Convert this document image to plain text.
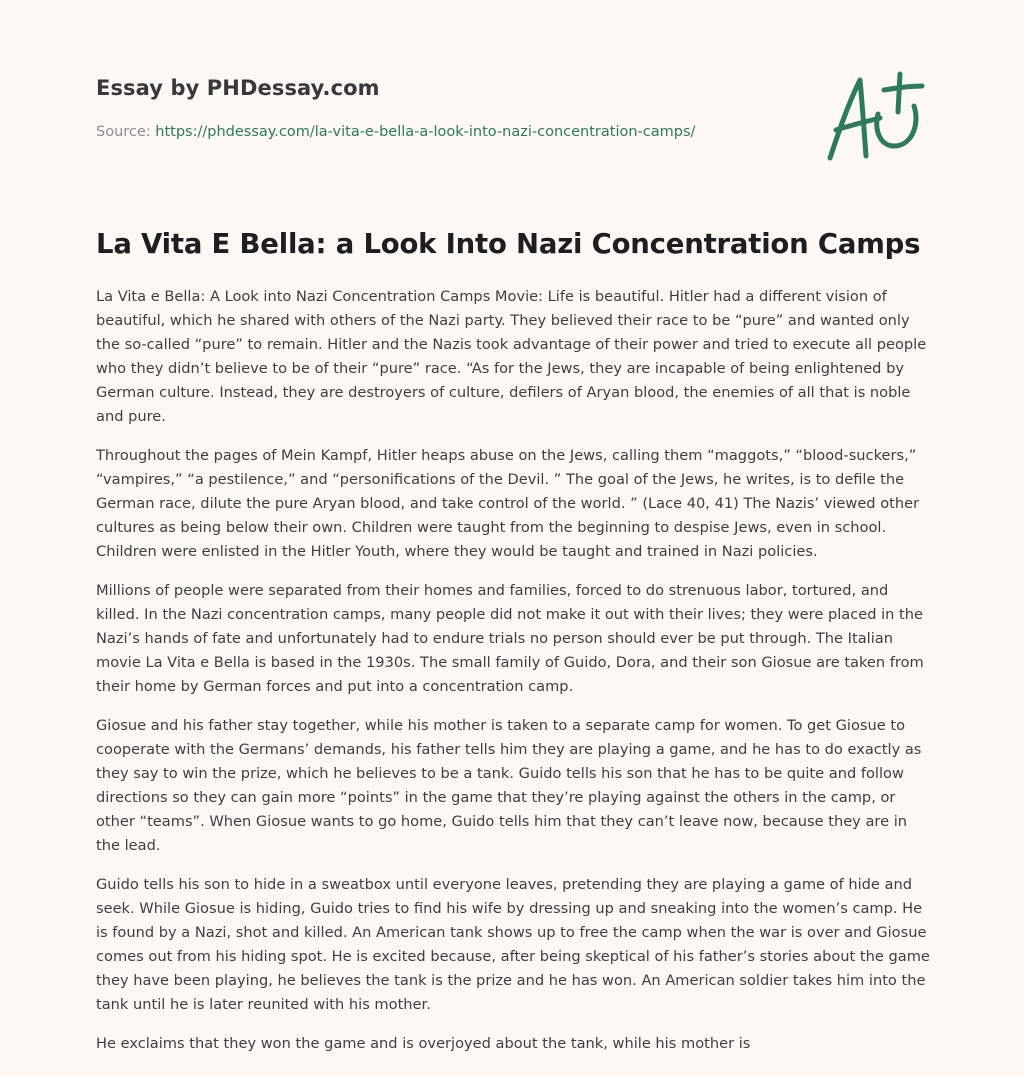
Essay by PHDessay.com
Source: https://phdessay.com/la-vita-e-bella-a-look-into-nazi-concentration-camps/
La Vita E Bella: a Look Into Nazi Concentration Camps

La Vita e Bella: A Look into Nazi Concentration Camps Movie: Life is beautiful. Hitler had a different vision of beautiful, which he shared with others of the Nazi party. They believed their race to be “pure” and wanted only the so-called “pure” to remain. Hitler and the Nazis took advantage of their power and tried to execute all people who they didn’t believe to be of their “pure” race. “As for the Jews, they are incapable of being enlightened by German culture. Instead, they are destroyers of culture, defilers of Aryan blood, the enemies of all that is noble and pure.

Throughout the pages of Mein Kampf, Hitler heaps abuse on the Jews, calling them “maggots,” “blood-suckers,” “vampires,” “a pestilence,” and “personifications of the Devil. ” The goal of the Jews, he writes, is to defile the German race, dilute the pure Aryan blood, and take control of the world. ” (Lace 40, 41) The Nazis’ viewed other cultures as being below their own. Children were taught from the beginning to despise Jews, even in school. Children were enlisted in the Hitler Youth, where they would be taught and trained in Nazi policies.

Millions of people were separated from their homes and families, forced to do strenuous labor, tortured, and killed. In the Nazi concentration camps, many people did not make it out with their lives; they were placed in the Nazi’s hands of fate and unfortunately had to endure trials no person should ever be put through. The Italian movie La Vita e Bella is based in the 1930s. The small family of Guido, Dora, and their son Giosue are taken from their home by German forces and put into a concentration camp.

Giosue and his father stay together, while his mother is taken to a separate camp for women. To get Giosue to cooperate with the Germans’ demands, his father tells him they are playing a game, and he has to do exactly as they say to win the prize, which he believes to be a tank. Guido tells his son that he has to be quite and follow directions so they can gain more “points” in the game that they’re playing against the others in the camp, or other “teams”. When Giosue wants to go home, Guido tells him that they can’t leave now, because they are in the lead.

Guido tells his son to hide in a sweatbox until everyone leaves, pretending they are playing a game of hide and seek. While Giosue is hiding, Guido tries to find his wife by dressing up and sneaking into the women’s camp. He is found by a Nazi, shot and killed. An American tank shows up to free the camp when the war is over and Giosue comes out from his hiding spot. He is excited because, after being skeptical of his father’s stories about the game they have been playing, he believes the tank is the prize and he has won. An American soldier takes him into the tank until he is later reunited with his mother.

He exclaims that they won the game and is overjoyed about the tank, while his mother is
